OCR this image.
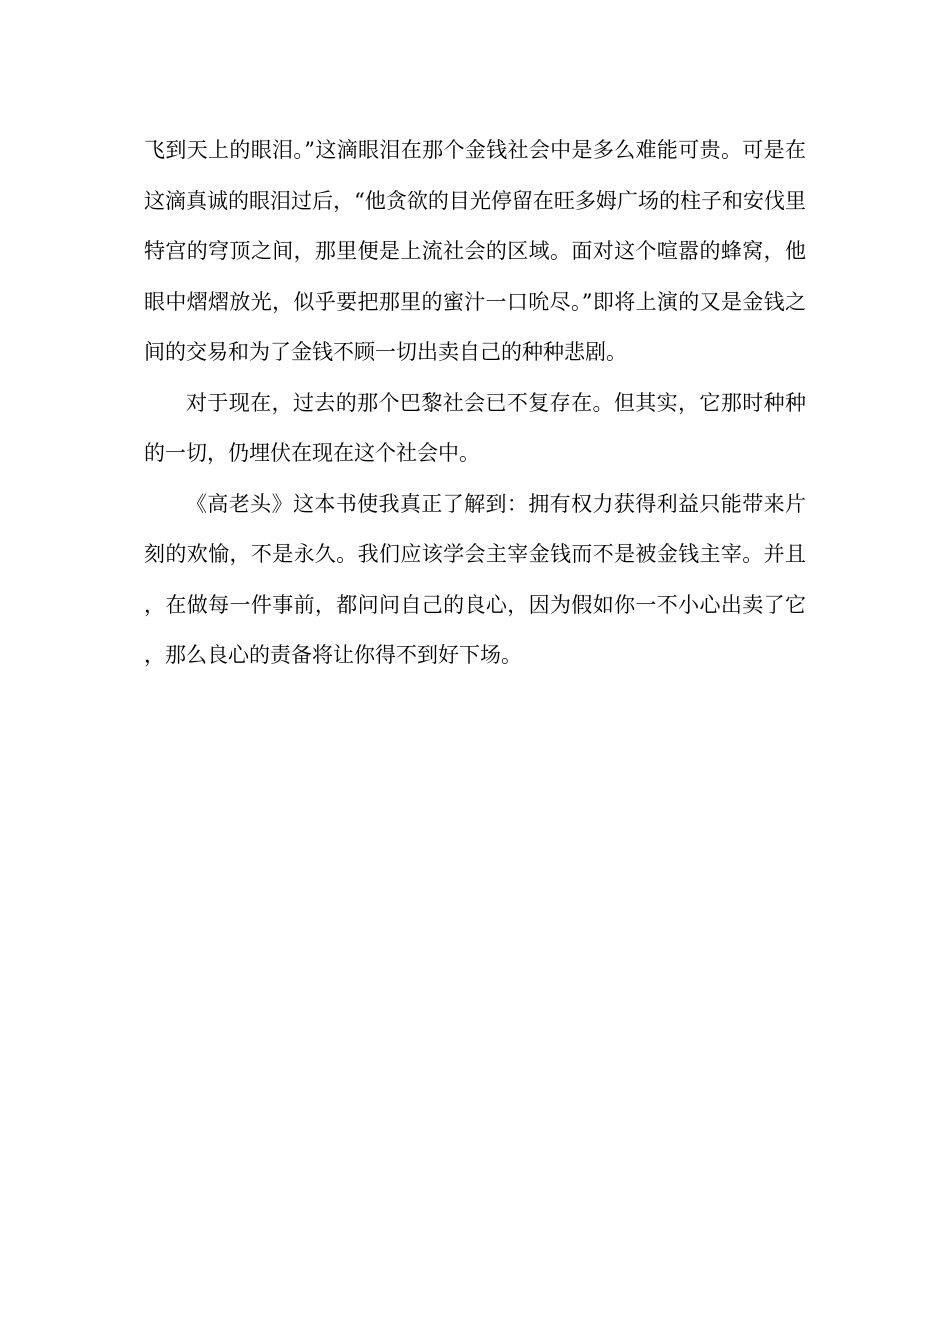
飞到天上的眼泪。”这滴眼泪在那个金钱社会中是多么难能可贵。可是在这滴真诚的眼泪过后，“他贪欲的目光停留在旺多姆广场的柱子和安伐里特宫的穹顶之间，那里便是上流社会的区域。面对这个喧嚣的蜂窝，他眼中熠熠放光，似乎要把那里的蜜汁一口吮尽。”即将上演的又是金钱之间的交易和为了金钱不顾一切出卖自己的种种悲剧。

对于现在，过去的那个巴黎社会已不复存在。但其实，它那时种种的一切，仍埋伏在现在这个社会中。

《高老头》这本书使我真正了解到：拥有权力获得利益只能带来片刻的欢愉，不是永久。我们应该学会主宰金钱而不是被金钱主宰。并且，在做每一件事前，都问问自己的良心，因为假如你一不小心出卖了它，那么良心的责备将让你得不到好下场。
